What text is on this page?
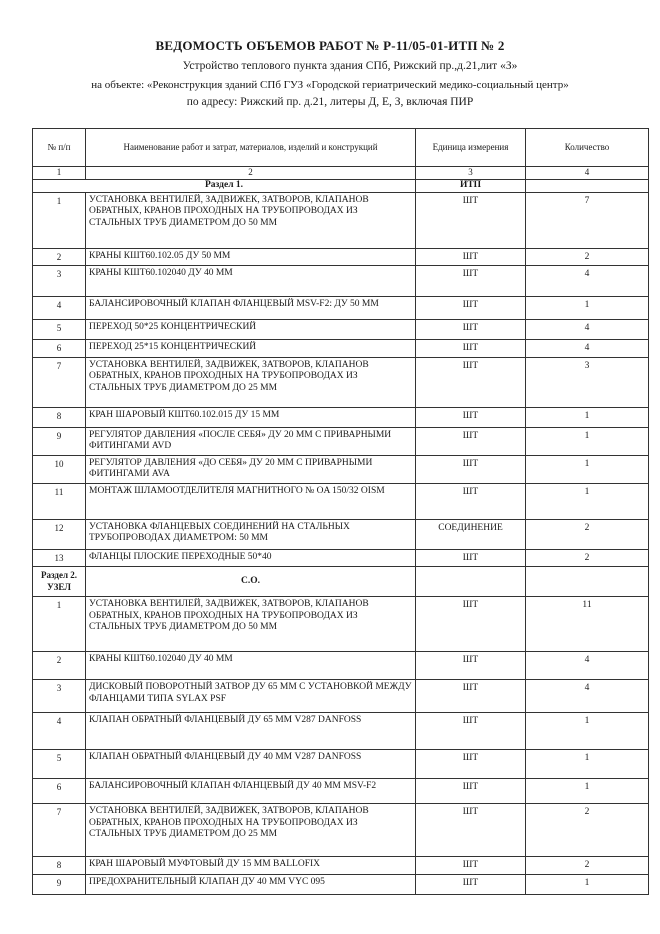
ВЕДОМОСТЬ ОБЪЕМОВ РАБОТ № Р-11/05-01-ИТП № 2
Устройство теплового пункта здания СПб, Рижский пр.,д.21,лит «З»
на объекте: «Реконструкция зданий СПб ГУЗ «Городской гериатрический медико-социальный центр»
по адресу: Рижский пр. д.21, литеры Д, Е, З, включая ПИР
№ п/п	Наименование работ и затрат, материалов, изделий и конструкций	Единица измерения	Количество
1	2	3	4
Раздел 1.		ИТП	
1	УСТАНОВКА ВЕНТИЛЕЙ, ЗАДВИЖЕК, ЗАТВОРОВ, КЛАПАНОВ ОБРАТНЫХ, КРАНОВ ПРОХОДНЫХ НА ТРУБОПРОВОДАХ ИЗ СТАЛЬНЫХ ТРУБ ДИАМЕТРОМ ДО 50 ММ	ШТ	7
2	КРАНЫ КШТ60.102.05 ДУ 50 ММ	ШТ	2
3	КРАНЫ КШТ60.102040 ДУ 40 ММ	ШТ	4
4	БАЛАНСИРОВОЧНЫЙ КЛАПАН ФЛАНЦЕВЫЙ MSV-F2: ДУ 50 ММ	ШТ	1
5	ПЕРЕХОД 50*25 КОНЦЕНТРИЧЕСКИЙ	ШТ	4
6	ПЕРЕХОД 25*15 КОНЦЕНТРИЧЕСКИЙ	ШТ	4
7	УСТАНОВКА ВЕНТИЛЕЙ, ЗАДВИЖЕК, ЗАТВОРОВ, КЛАПАНОВ ОБРАТНЫХ, КРАНОВ ПРОХОДНЫХ НА ТРУБОПРОВОДАХ ИЗ СТАЛЬНЫХ ТРУБ ДИАМЕТРОМ ДО 25 ММ	ШТ	3
8	КРАН ШАРОВЫЙ КШТ60.102.015 ДУ 15 ММ	ШТ	1
9	РЕГУЛЯТОР ДАВЛЕНИЯ «ПОСЛЕ СЕБЯ» ДУ 20 ММ С ПРИВАРНЫМИ ФИТИНГАМИ AVD	ШТ	1
10	РЕГУЛЯТОР ДАВЛЕНИЯ «ДО СЕБЯ» ДУ 20 ММ С ПРИВАРНЫМИ ФИТИНГАМИ AVA	ШТ	1
11	МОНТАЖ ШЛАМООТДЕЛИТЕЛЯ МАГНИТНОГО № OA 150/32 OISM	ШТ	1
12	УСТАНОВКА ФЛАНЦЕВЫХ СОЕДИНЕНИЙ НА СТАЛЬНЫХ ТРУБОПРОВОДАХ ДИАМЕТРОМ: 50 ММ	СОЕДИНЕНИЕ	2
13	ФЛАНЦЫ ПЛОСКИЕ ПЕРЕХОДНЫЕ 50*40	ШТ	2
Раздел 2. УЗЕЛ	С.О.		
1	УСТАНОВКА ВЕНТИЛЕЙ, ЗАДВИЖЕК, ЗАТВОРОВ, КЛАПАНОВ ОБРАТНЫХ, КРАНОВ ПРОХОДНЫХ НА ТРУБОПРОВОДАХ ИЗ СТАЛЬНЫХ ТРУБ ДИАМЕТРОМ ДО 50 ММ	ШТ	11
2	КРАНЫ КШТ60.102040 ДУ 40 ММ	ШТ	4
3	ДИСКОВЫЙ ПОВОРОТНЫЙ ЗАТВОР ДУ 65 ММ С УСТАНОВКОЙ МЕЖДУ ФЛАНЦАМИ ТИПА SYLAX PSF	ШТ	4
4	КЛАПАН ОБРАТНЫЙ ФЛАНЦЕВЫЙ ДУ 65 ММ V287 DANFOSS	ШТ	1
5	КЛАПАН ОБРАТНЫЙ ФЛАНЦЕВЫЙ ДУ 40 ММ V287 DANFOSS	ШТ	1
6	БАЛАНСИРОВОЧНЫЙ КЛАПАН ФЛАНЦЕВЫЙ ДУ 40 ММ MSV-F2	ШТ	1
7	УСТАНОВКА ВЕНТИЛЕЙ, ЗАДВИЖЕК, ЗАТВОРОВ, КЛАПАНОВ ОБРАТНЫХ, КРАНОВ ПРОХОДНЫХ НА ТРУБОПРОВОДАХ ИЗ СТАЛЬНЫХ ТРУБ ДИАМЕТРОМ ДО 25 ММ	ШТ	2
8	КРАН ШАРОВЫЙ МУФТОВЫЙ ДУ 15 ММ BALLOFIX	ШТ	2
9	ПРЕДОХРАНИТЕЛЬНЫЙ КЛАПАН ДУ 40 ММ VYC 095	ШТ	1
